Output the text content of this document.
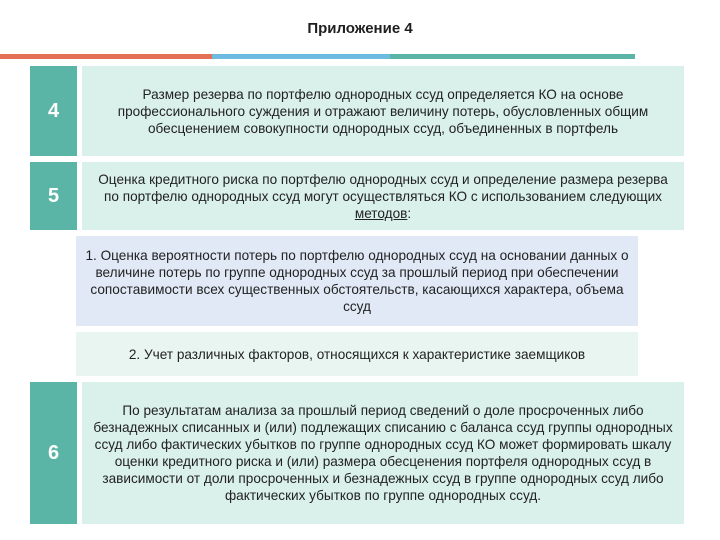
Приложение 4
4
Размер резерва по портфелю однородных ссуд определяется КО на основе профессионального суждения и отражают величину потерь, обусловленных общим обесценением совокупности однородных ссуд, объединенных в портфель
5
Оценка кредитного риска по портфелю однородных ссуд и определение размера резерва по портфелю однородных ссуд могут осуществляться КО с использованием следующих методов:
1. Оценка вероятности потерь по портфелю однородных ссуд на основании данных о величине потерь по группе однородных ссуд за прошлый период при обеспечении сопоставимости всех существенных обстоятельств, касающихся характера, объема ссуд
2. Учет различных факторов, относящихся к характеристике заемщиков
6
По результатам анализа за прошлый период сведений о доле просроченных либо безнадежных списанных и (или) подлежащих списанию с баланса ссуд группы однородных ссуд либо фактических убытков по группе однородных ссуд КО может формировать шкалу оценки кредитного риска и (или) размера обесценения портфеля однородных ссуд в зависимости от доли просроченных и безнадежных ссуд в группе однородных ссуд либо фактических убытков по группе однородных ссуд.
